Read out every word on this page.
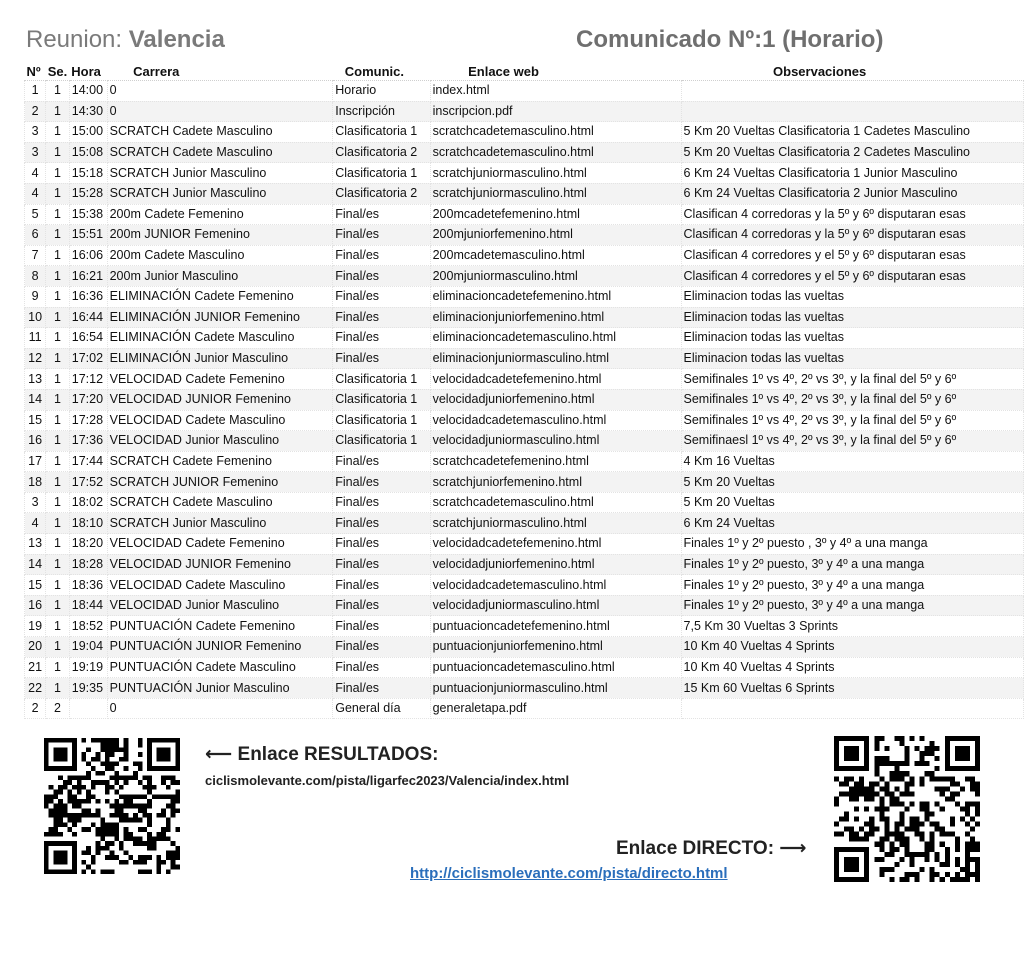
Reunion: Valencia	Comunicado Nº:1 (Horario)
Nº	Se.	Hora	Carrera	Comunic.	Enlace web	Observaciones
1	1	14:00	0	Horario	index.html	
2	1	14:30	0	Inscripción	inscripcion.pdf	
3	1	15:00	SCRATCH Cadete Masculino	Clasificatoria 1	scratchcadetemasculino.html	5 Km 20 Vueltas Clasificatoria 1 Cadetes Masculino
3	1	15:08	SCRATCH Cadete Masculino	Clasificatoria 2	scratchcadetemasculino.html	5 Km 20 Vueltas Clasificatoria 2 Cadetes Masculino
4	1	15:18	SCRATCH Junior Masculino	Clasificatoria 1	scratchjuniormasculino.html	6 Km 24 Vueltas Clasificatoria 1 Junior Masculino
4	1	15:28	SCRATCH Junior Masculino	Clasificatoria 2	scratchjuniormasculino.html	6 Km 24 Vueltas Clasificatoria 2 Junior Masculino
5	1	15:38	200m Cadete Femenino	Final/es	200mcadetefemenino.html	Clasifican 4 corredoras y la 5º y 6º disputaran esas
6	1	15:51	200m JUNIOR Femenino	Final/es	200mjuniorfemenino.html	Clasifican 4 corredoras y la 5º y 6º disputaran esas
7	1	16:06	200m Cadete Masculino	Final/es	200mcadetemasculino.html	Clasifican 4 corredores y el 5º y 6º disputaran esas
8	1	16:21	200m Junior Masculino	Final/es	200mjuniormasculino.html	Clasifican 4 corredores y el 5º y 6º disputaran esas
9	1	16:36	ELIMINACIÓN Cadete Femenino	Final/es	eliminacioncadetefemenino.html	Eliminacion todas las vueltas
10	1	16:44	ELIMINACIÓN JUNIOR Femenino	Final/es	eliminacionjuniorfemenino.html	Eliminacion todas las vueltas
11	1	16:54	ELIMINACIÓN Cadete Masculino	Final/es	eliminacioncadetemasculino.html	Eliminacion todas las vueltas
12	1	17:02	ELIMINACIÓN Junior Masculino	Final/es	eliminacionjuniormasculino.html	Eliminacion todas las vueltas
13	1	17:12	VELOCIDAD Cadete Femenino	Clasificatoria 1	velocidadcadetefemenino.html	Semifinales 1º vs 4º, 2º vs 3º, y la final del 5º y 6º
14	1	17:20	VELOCIDAD JUNIOR Femenino	Clasificatoria 1	velocidadjuniorfemenino.html	Semifinales 1º vs 4º, 2º vs 3º, y la final del 5º y 6º
15	1	17:28	VELOCIDAD Cadete Masculino	Clasificatoria 1	velocidadcadetemasculino.html	Semifinales 1º vs 4º, 2º vs 3º, y la final del 5º y 6º
16	1	17:36	VELOCIDAD Junior Masculino	Clasificatoria 1	velocidadjuniormasculino.html	Semifinaesl 1º vs 4º, 2º vs 3º, y la final del 5º y 6º
17	1	17:44	SCRATCH Cadete Femenino	Final/es	scratchcadetefemenino.html	4 Km 16 Vueltas
18	1	17:52	SCRATCH JUNIOR Femenino	Final/es	scratchjuniorfemenino.html	5 Km 20 Vueltas
3	1	18:02	SCRATCH Cadete Masculino	Final/es	scratchcadetemasculino.html	5 Km 20 Vueltas
4	1	18:10	SCRATCH Junior Masculino	Final/es	scratchjuniormasculino.html	6 Km 24 Vueltas
13	1	18:20	VELOCIDAD Cadete Femenino	Final/es	velocidadcadetefemenino.html	Finales 1º y 2º puesto , 3º y 4º a una manga
14	1	18:28	VELOCIDAD JUNIOR Femenino	Final/es	velocidadjuniorfemenino.html	Finales 1º y 2º puesto, 3º y 4º a una manga
15	1	18:36	VELOCIDAD Cadete Masculino	Final/es	velocidadcadetemasculino.html	Finales 1º y 2º puesto, 3º y 4º a una manga
16	1	18:44	VELOCIDAD Junior Masculino	Final/es	velocidadjuniormasculino.html	Finales 1º y 2º puesto, 3º y 4º a una manga
19	1	18:52	PUNTUACIÓN Cadete Femenino	Final/es	puntuacioncadetefemenino.html	7,5 Km 30 Vueltas 3 Sprints
20	1	19:04	PUNTUACIÓN JUNIOR Femenino	Final/es	puntuacionjuniorfemenino.html	10 Km 40 Vueltas 4 Sprints
21	1	19:19	PUNTUACIÓN Cadete Masculino	Final/es	puntuacioncadetemasculino.html	10 Km 40 Vueltas 4 Sprints
22	1	19:35	PUNTUACIÓN Junior Masculino	Final/es	puntuacionjuniormasculino.html	15 Km 60 Vueltas 6 Sprints
2	2		0	General día	generaletapa.pdf	
⟵ Enlace RESULTADOS:
ciclismolevante.com/pista/ligarfec2023/Valencia/index.html
Enlace DIRECTO: ⟶
http://ciclismolevante.com/pista/directo.html
